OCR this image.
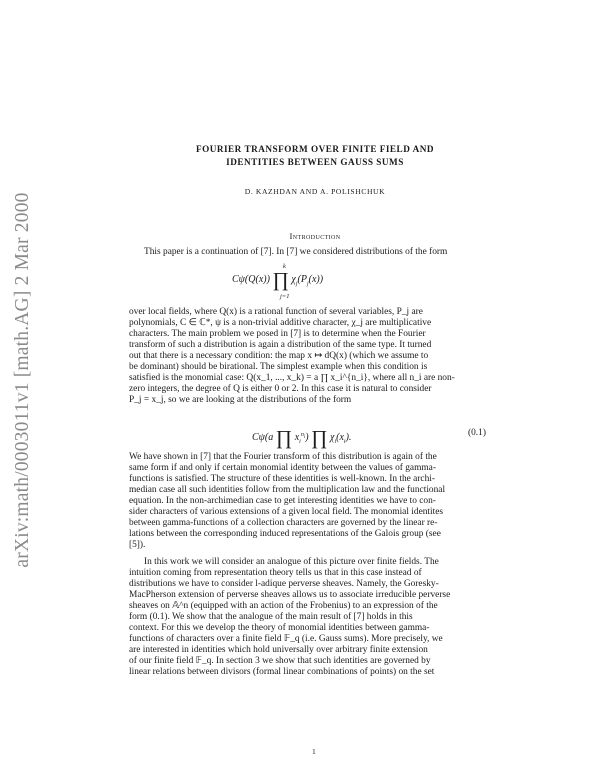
arXiv:math/0003011v1 [math.AG] 2 Mar 2000
FOURIER TRANSFORM OVER FINITE FIELD AND
IDENTITIES BETWEEN GAUSS SUMS
D. KAZHDAN AND A. POLISHCHUK
Introduction
This paper is a continuation of [7]. In [7] we considered distributions of the form
Cψ(Q(x)) ∏
k
j=1
$\chi_j(P_j(x))$
over local fields, where Q(x) is a rational function of several variables, P_j are
polynomials, C ∈ ℂ*, ψ is a non-trivial additive character, χ_j are multiplicative
characters. The main problem we posed in [7] is to determine when the Fourier
transform of such a distribution is again a distribution of the same type. It turned
out that there is a necessary condition: the map x ↦ dQ(x) (which we assume to
be dominant) should be birational. The simplest example when this condition is
satisfied is the monomial case: Q(x_1, ..., x_k) = a ∏ x_i^{n_i}, where all n_i are non-
zero integers, the degree of Q is either 0 or 2. In this case it is natural to consider
P_j = x_j, so we are looking at the distributions of the form
Cψ(a ∏ $x_i^{n_i}$) ∏ $\chi_i(x_i)$.	(0.1)
We have shown in [7] that the Fourier transform of this distribution is again of the
same form if and only if certain monomial identity between the values of gamma-
functions is satisfied. The structure of these identities is well-known. In the archi-
median case all such identities follow from the multiplication law and the functional
equation. In the non-archimedian case to get interesting identities we have to con-
sider characters of various extensions of a given local field. The monomial identites
between gamma-functions of a collection characters are governed by the linear re-
lations between the corresponding induced representations of the Galois group (see
[5]).
In this work we will consider an analogue of this picture over finite fields. The
intuition coming from representation theory tells us that in this case instead of
distributions we have to consider l-adique perverse sheaves. Namely, the Goresky-
MacPherson extension of perverse sheaves allows us to associate irreducible perverse
sheaves on 𝔸^n (equipped with an action of the Frobenius) to an expression of the
form (0.1). We show that the analogue of the main result of [7] holds in this
context. For this we develop the theory of monomial identities between gamma-
functions of characters over a finite field 𝔽_q (i.e. Gauss sums). More precisely, we
are interested in identities which hold universally over arbitrary finite extension
of our finite field 𝔽_q. In section 3 we show that such identities are governed by
linear relations between divisors (formal linear combinations of points) on the set
1
